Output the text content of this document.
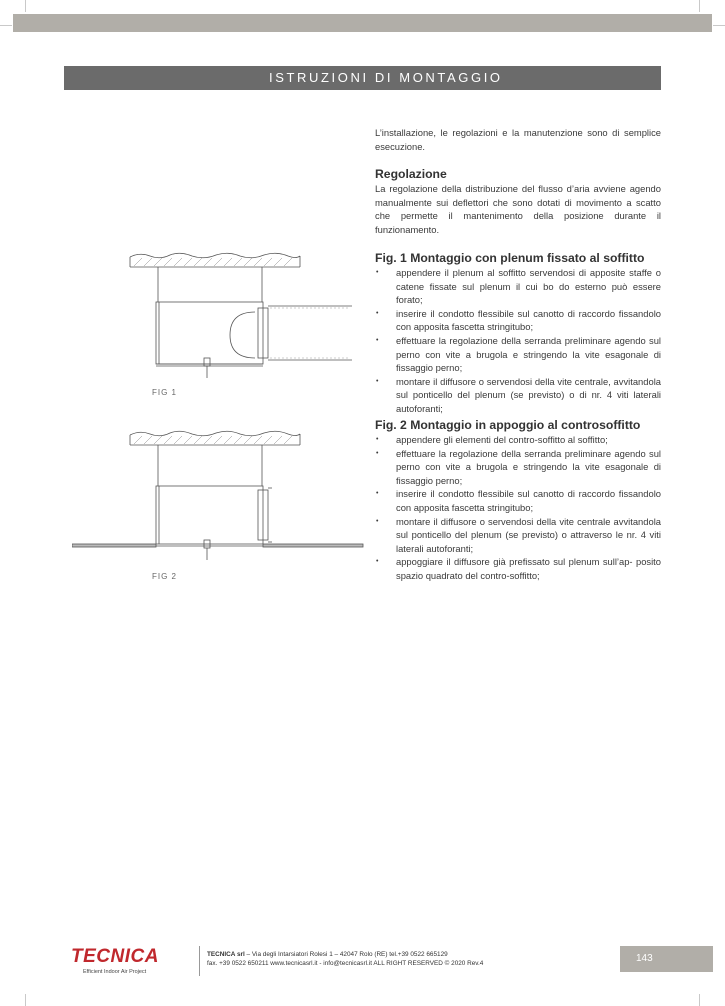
ISTRUZIONI DI MONTAGGIO

L’installazione, le regolazioni e la manutenzione sono di semplice esecuzione.

Regolazione

La regolazione della distribuzione del flusso d’aria avviene agendo manualmente sui deflettori che sono dotati di movimento a scatto che permette il mantenimento della posizione durante il funzionamento.

Fig. 1 Montaggio con plenum fissato al soffitto

• appendere il plenum al soffitto servendosi di apposite staffe o catene fissate sul plenum il cui bo do esterno può essere forato;
• inserire il condotto flessibile sul canotto di raccordo fissandolo con apposita fascetta stringitubo;
• effettuare la regolazione della serranda preliminare agendo sul perno con vite a brugola e stringendo la vite esagonale di fissaggio perno;
• montare il diffusore o servendosi della vite centrale, avvitandola sul ponticello del plenum (se previsto) o di nr. 4 viti laterali autoforanti;

Fig. 2 Montaggio in appoggio al controsoffitto

• appendere gli elementi del contro-soffitto al soffitto;
• effettuare la regolazione della serranda preliminare agendo sul perno con vite a brugola e stringendo la vite esagonale di fissaggio perno;
• inserire il condotto flessibile sul canotto di raccordo fissandolo con apposita fascetta stringitubo;
• montare il diffusore o servendosi della vite centrale avvitandola sul ponticello del plenum (se previsto) o attraverso le nr. 4 viti laterali autoforanti;
• appoggiare il diffusore già prefissato sul plenum sull’ap- posito spazio quadrato del contro-soffitto;
FIG 1
FIG 2
TECNICA
Efficient Indoor Air Project
TECNICA srl – Via degli Intarsiatori Rolesi 1 – 42047 Rolo (RE) tel.+39 0522 665129
fax. +39 0522 650211 www.tecnicasrl.it - info@tecnicasrl.it ALL RIGHT RESERVED © 2020 Rev.4	143
